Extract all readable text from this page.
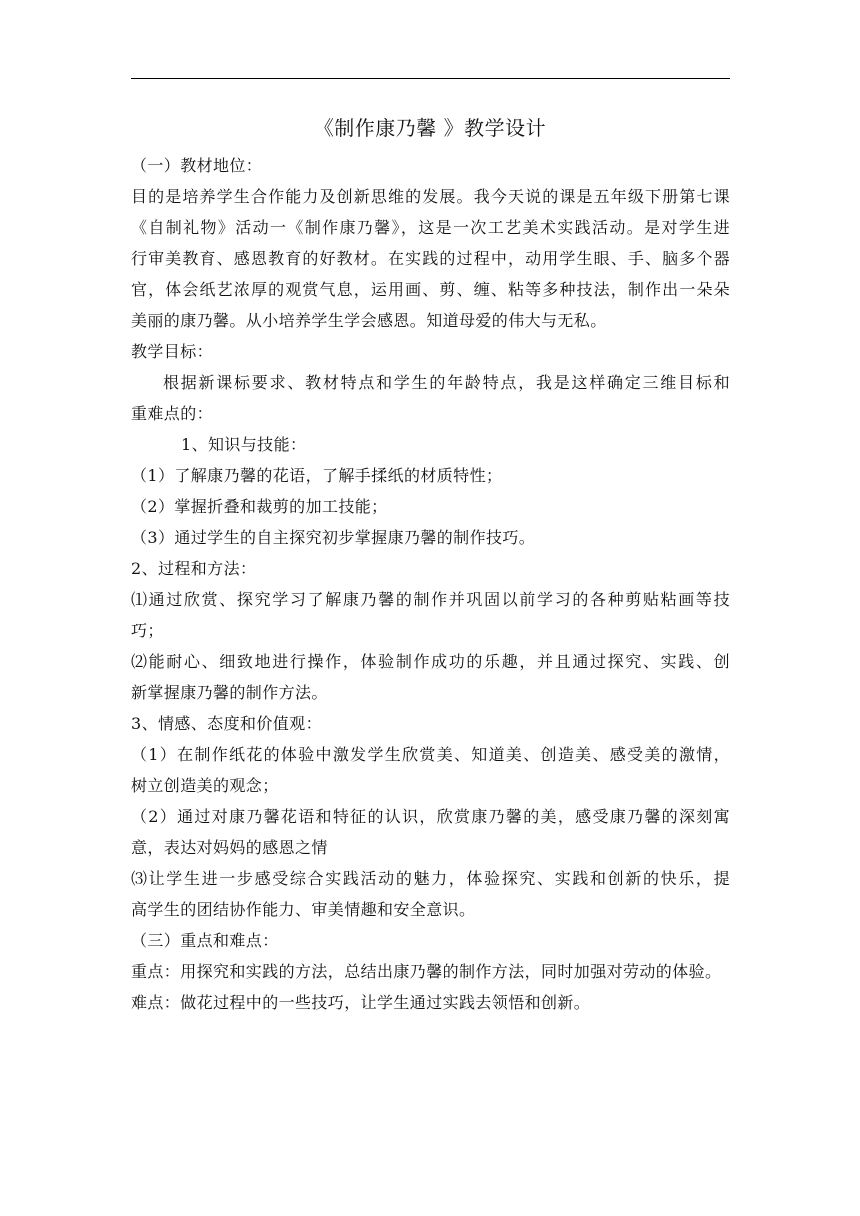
《制作康乃馨 》教学设计
（一）教材地位：
目的是培养学生合作能力及创新思维的发展。我今天说的课是五年级下册第七课
《自制礼物》活动一《制作康乃馨》，这是一次工艺美术实践活动。是对学生进
行审美教育、感恩教育的好教材。在实践的过程中，动用学生眼、手、脑多个器
官，体会纸艺浓厚的观赏气息，运用画、剪、缠、粘等多种技法，制作出一朵朵
美丽的康乃馨。从小培养学生学会感恩。知道母爱的伟大与无私。
教学目标：
根据新课标要求、教材特点和学生的年龄特点，我是这样确定三维目标和
重难点的：
1、知识与技能：
（1）了解康乃馨的花语，了解手揉纸的材质特性；
（2）掌握折叠和裁剪的加工技能；
（3）通过学生的自主探究初步掌握康乃馨的制作技巧。
2、过程和方法：
⑴通过欣赏、探究学习了解康乃馨的制作并巩固以前学习的各种剪贴粘画等技
巧；
⑵能耐心、细致地进行操作，体验制作成功的乐趣，并且通过探究、实践、创
新掌握康乃馨的制作方法。
3、情感、态度和价值观：
（1）在制作纸花的体验中激发学生欣赏美、知道美、创造美、感受美的激情，
树立创造美的观念；
（2）通过对康乃馨花语和特征的认识，欣赏康乃馨的美，感受康乃馨的深刻寓
意，表达对妈妈的感恩之情
⑶让学生进一步感受综合实践活动的魅力，体验探究、实践和创新的快乐，提
高学生的团结协作能力、审美情趣和安全意识。
（三）重点和难点：
重点：用探究和实践的方法，总结出康乃馨的制作方法，同时加强对劳动的体验。
难点：做花过程中的一些技巧，让学生通过实践去领悟和创新。
